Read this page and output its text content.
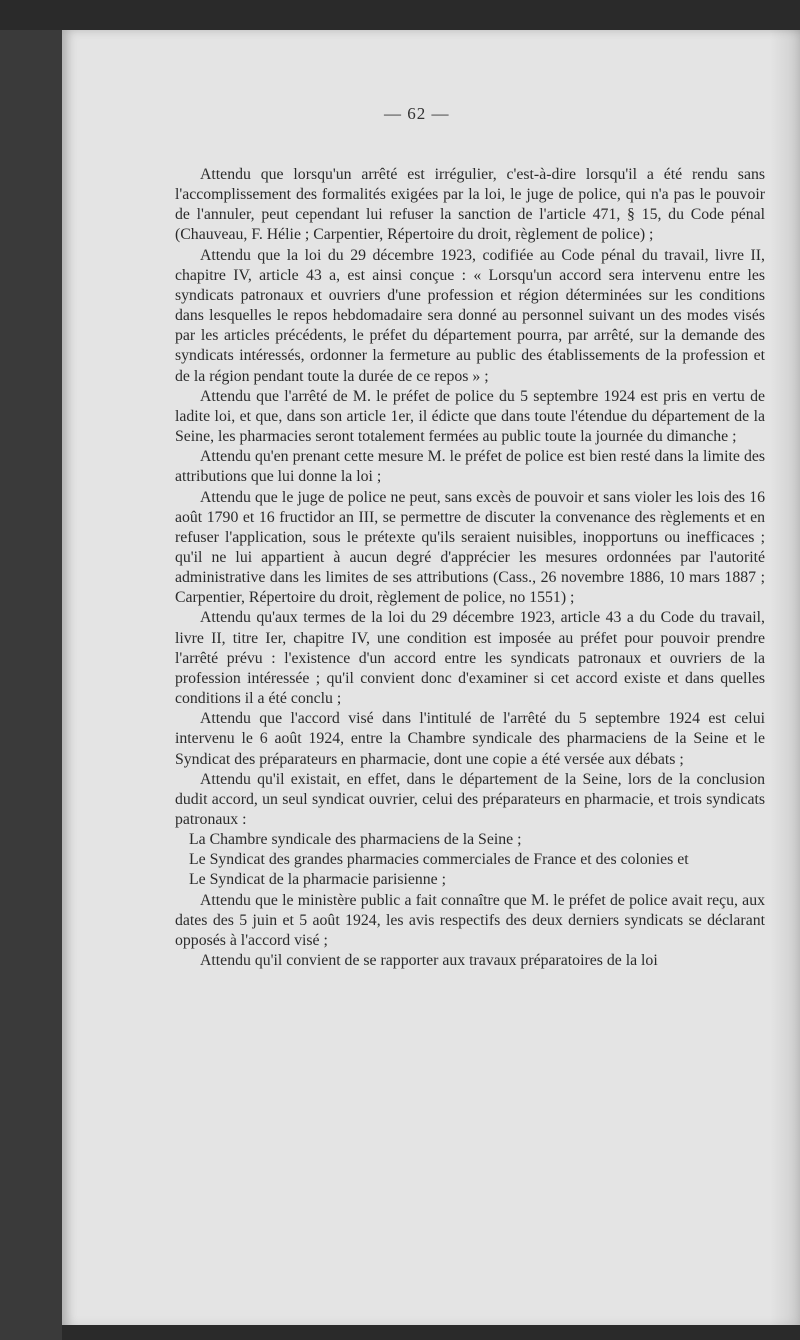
— 62 —

Attendu que lorsqu'un arrêté est irrégulier, c'est-à-dire lorsqu'il a été rendu sans l'accomplissement des formalités exigées par la loi, le juge de police, qui n'a pas le pouvoir de l'annuler, peut cependant lui refuser la sanction de l'article 471, § 15, du Code pénal (Chauveau, F. Hélie ; Carpentier, Répertoire du droit, règlement de police) ;

Attendu que la loi du 29 décembre 1923, codifiée au Code pénal du travail, livre II, chapitre IV, article 43 a, est ainsi conçue : « Lorsqu'un accord sera intervenu entre les syndicats patronaux et ouvriers d'une profession et région déterminées sur les conditions dans lesquelles le repos hebdomadaire sera donné au personnel suivant un des modes visés par les articles précédents, le préfet du département pourra, par arrêté, sur la demande des syndicats intéressés, ordonner la fermeture au public des établissements de la profession et de la région pendant toute la durée de ce repos » ;

Attendu que l'arrêté de M. le préfet de police du 5 septembre 1924 est pris en vertu de ladite loi, et que, dans son article 1er, il édicte que dans toute l'étendue du département de la Seine, les pharmacies seront totalement fermées au public toute la journée du dimanche ;

Attendu qu'en prenant cette mesure M. le préfet de police est bien resté dans la limite des attributions que lui donne la loi ;

Attendu que le juge de police ne peut, sans excès de pouvoir et sans violer les lois des 16 août 1790 et 16 fructidor an III, se permettre de discuter la convenance des règlements et en refuser l'application, sous le prétexte qu'ils seraient nuisibles, inopportuns ou inefficaces ; qu'il ne lui appartient à aucun degré d'apprécier les mesures ordonnées par l'autorité administrative dans les limites de ses attributions (Cass., 26 novembre 1886, 10 mars 1887 ; Carpentier, Répertoire du droit, règlement de police, no 1551) ;

Attendu qu'aux termes de la loi du 29 décembre 1923, article 43 a du Code du travail, livre II, titre Ier, chapitre IV, une condition est imposée au préfet pour pouvoir prendre l'arrêté prévu : l'existence d'un accord entre les syndicats patronaux et ouvriers de la profession intéressée ; qu'il convient donc d'examiner si cet accord existe et dans quelles conditions il a été conclu ;

Attendu que l'accord visé dans l'intitulé de l'arrêté du 5 septembre 1924 est celui intervenu le 6 août 1924, entre la Chambre syndicale des pharmaciens de la Seine et le Syndicat des préparateurs en pharmacie, dont une copie a été versée aux débats ;

Attendu qu'il existait, en effet, dans le département de la Seine, lors de la conclusion dudit accord, un seul syndicat ouvrier, celui des préparateurs en pharmacie, et trois syndicats patronaux :

La Chambre syndicale des pharmaciens de la Seine ;

Le Syndicat des grandes pharmacies commerciales de France et des colonies et

Le Syndicat de la pharmacie parisienne ;

Attendu que le ministère public a fait connaître que M. le préfet de police avait reçu, aux dates des 5 juin et 5 août 1924, les avis respectifs des deux derniers syndicats se déclarant opposés à l'accord visé ;

Attendu qu'il convient de se rapporter aux travaux préparatoires de la loi
